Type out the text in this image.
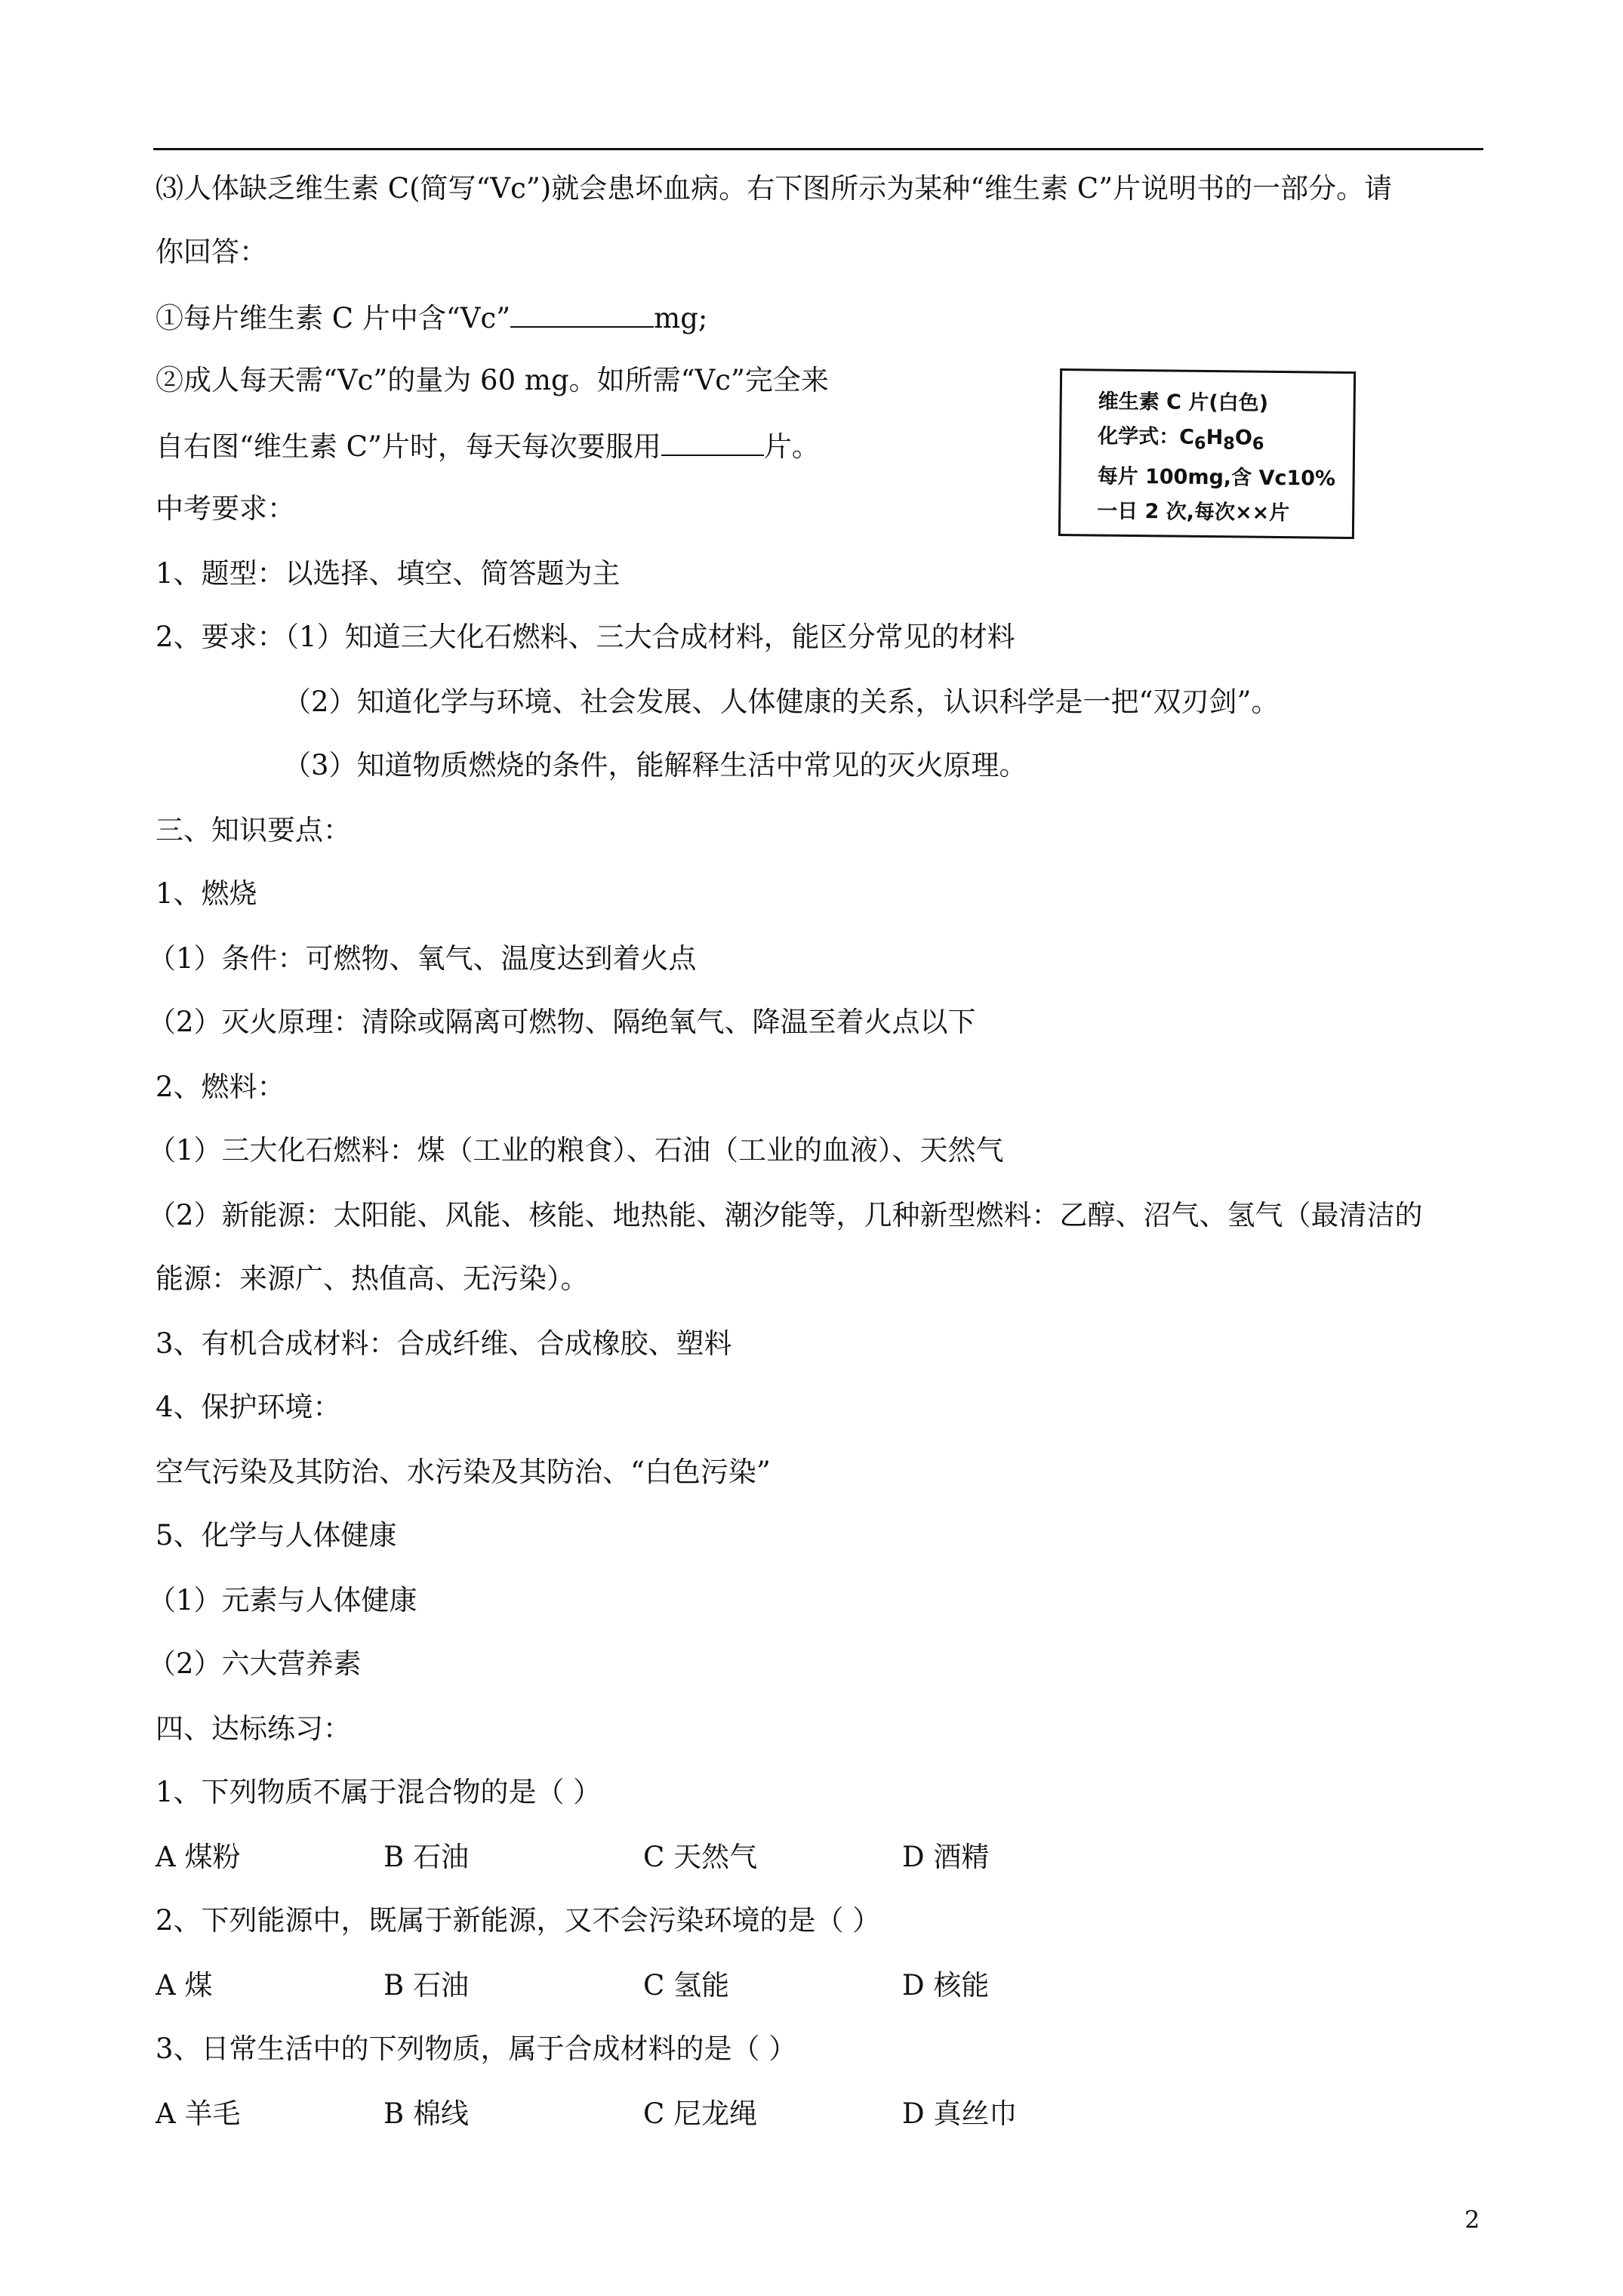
⑶人体缺乏维生素 C(简写“Vc”)就会患坏血病。右下图所示为某种“维生素 C”片说明书的一部分。请
你回答：
①每片维生素 C 片中含“Vc”	mg;
②成人每天需“Vc”的量为 60 mg。如所需“Vc”完全来
自右图“维生素 C”片时，每天每次要服用	片。
维生素 C 片(白色)
化学式：$C_6H_8O_6$
每片 100mg,含 Vc10%
一日 2 次,每次××片
中考要求：
1、题型：以选择、填空、简答题为主
2、要求：（1）知道三大化石燃料、三大合成材料，能区分常见的材料
（2）知道化学与环境、社会发展、人体健康的关系，认识科学是一把“双刃剑”。
（3）知道物质燃烧的条件，能解释生活中常见的灭火原理。
三、知识要点：
1、燃烧
（1）条件：可燃物、氧气、温度达到着火点
（2）灭火原理：清除或隔离可燃物、隔绝氧气、降温至着火点以下
2、燃料：
（1）三大化石燃料：煤（工业的粮食）、石油（工业的血液）、天然气
（2）新能源：太阳能、风能、核能、地热能、潮汐能等，几种新型燃料：乙醇、沼气、氢气（最清洁的
能源：来源广、热值高、无污染）。
3、有机合成材料：合成纤维、合成橡胶、塑料
4、保护环境：
空气污染及其防治、水污染及其防治、“白色污染”
5、化学与人体健康
（1）元素与人体健康
（2）六大营养素
四、达标练习：
1、下列物质不属于混合物的是（ ）
A 煤粉	B 石油	C 天然气	D 酒精
2、下列能源中，既属于新能源，又不会污染环境的是（ ）
A 煤	B 石油	C 氢能	D 核能
3、日常生活中的下列物质，属于合成材料的是（ ）
A 羊毛	B 棉线	C 尼龙绳	D 真丝巾
2
